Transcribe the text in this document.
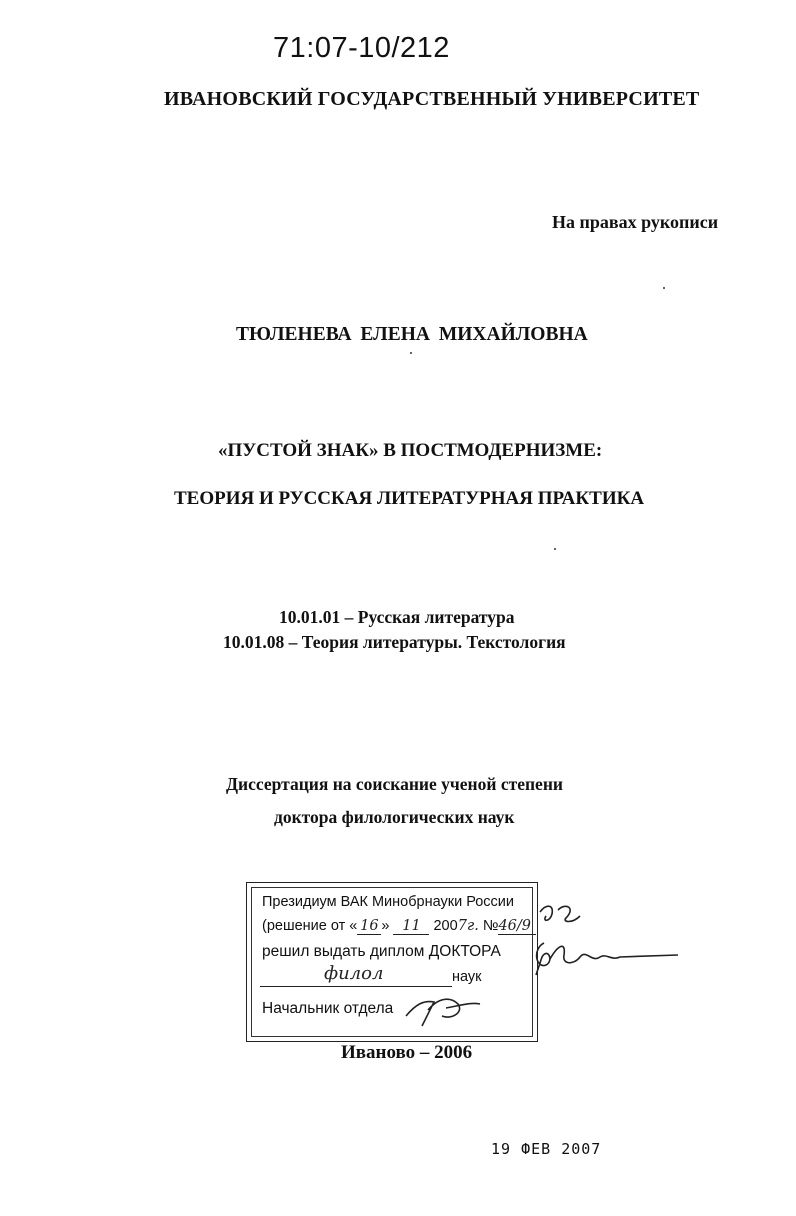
71:07-10/212
ИВАНОВСКИЙ ГОСУДАРСТВЕННЫЙ УНИВЕРСИТЕТ
На правах рукописи
ТЮЛЕНЕВА ЕЛЕНА МИХАЙЛОВНА
«ПУСТОЙ ЗНАК» В ПОСТМОДЕРНИЗМЕ:
ТЕОРИЯ И РУССКАЯ ЛИТЕРАТУРНАЯ ПРАКТИКА
10.01.01 – Русская литература
10.01.08 – Теория литературы. Текстология
Диссертация на соискание ученой степени
доктора филологических наук
Президиум ВАК Минобрнауки России
(решение от « 16 » 11 2007г. №46/9
решил выдать диплом ДОКТОРА
филол	наук
Начальник отдела
Иваново – 2006
19 ФЕВ 2007
